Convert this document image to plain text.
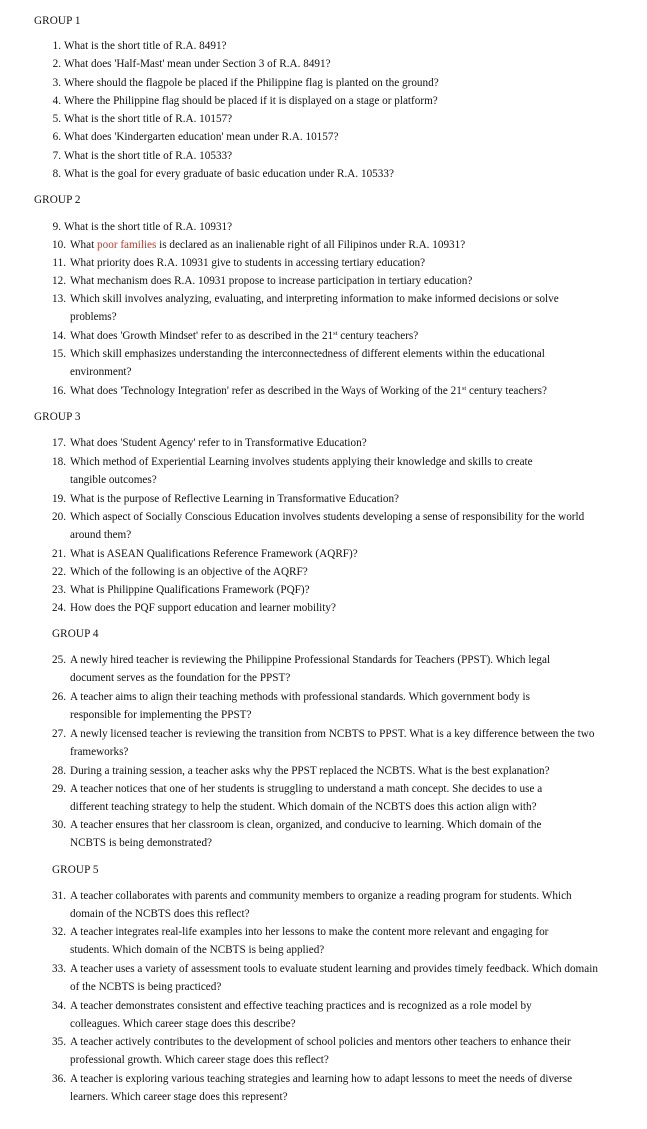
GROUP 1
1. What is the short title of R.A. 8491?
2. What does 'Half-Mast' mean under Section 3 of R.A. 8491?
3. Where should the flagpole be placed if the Philippine flag is planted on the ground?
4. Where the Philippine flag should be placed if it is displayed on a stage or platform?
5. What is the short title of R.A. 10157?
6. What does 'Kindergarten education' mean under R.A. 10157?
7. What is the short title of R.A. 10533?
8. What is the goal for every graduate of basic education under R.A. 10533?
GROUP 2
9. What is the short title of R.A. 10931?
10. What poor families is declared as an inalienable right of all Filipinos under R.A. 10931?
11. What priority does R.A. 10931 give to students in accessing tertiary education?
12. What mechanism does R.A. 10931 propose to increase participation in tertiary education?
13. Which skill involves analyzing, evaluating, and interpreting information to make informed decisions or solve problems?
14. What does 'Growth Mindset' refer to as described in the 21st century teachers?
15. Which skill emphasizes understanding the interconnectedness of different elements within the educational environment?
16. What does 'Technology Integration' refer as described in the Ways of Working of the 21st century teachers?
GROUP 3
17. What does 'Student Agency' refer to in Transformative Education?
18. Which method of Experiential Learning involves students applying their knowledge and skills to create tangible outcomes?
19. What is the purpose of Reflective Learning in Transformative Education?
20. Which aspect of Socially Conscious Education involves students developing a sense of responsibility for the world around them?
21. What is ASEAN Qualifications Reference Framework (AQRF)?
22. Which of the following is an objective of the AQRF?
23. What is Philippine Qualifications Framework (PQF)?
24. How does the PQF support education and learner mobility?
GROUP 4
25. A newly hired teacher is reviewing the Philippine Professional Standards for Teachers (PPST). Which legal document serves as the foundation for the PPST?
26. A teacher aims to align their teaching methods with professional standards. Which government body is responsible for implementing the PPST?
27. A newly licensed teacher is reviewing the transition from NCBTS to PPST. What is a key difference between the two frameworks?
28. During a training session, a teacher asks why the PPST replaced the NCBTS. What is the best explanation?
29. A teacher notices that one of her students is struggling to understand a math concept. She decides to use a different teaching strategy to help the student. Which domain of the NCBTS does this action align with?
30. A teacher ensures that her classroom is clean, organized, and conducive to learning. Which domain of the NCBTS is being demonstrated?
GROUP 5
31. A teacher collaborates with parents and community members to organize a reading program for students. Which domain of the NCBTS does this reflect?
32. A teacher integrates real-life examples into her lessons to make the content more relevant and engaging for students. Which domain of the NCBTS is being applied?
33. A teacher uses a variety of assessment tools to evaluate student learning and provides timely feedback. Which domain of the NCBTS is being practiced?
34. A teacher demonstrates consistent and effective teaching practices and is recognized as a role model by colleagues. Which career stage does this describe?
35. A teacher actively contributes to the development of school policies and mentors other teachers to enhance their professional growth. Which career stage does this reflect?
36. A teacher is exploring various teaching strategies and learning how to adapt lessons to meet the needs of diverse learners. Which career stage does this represent?
